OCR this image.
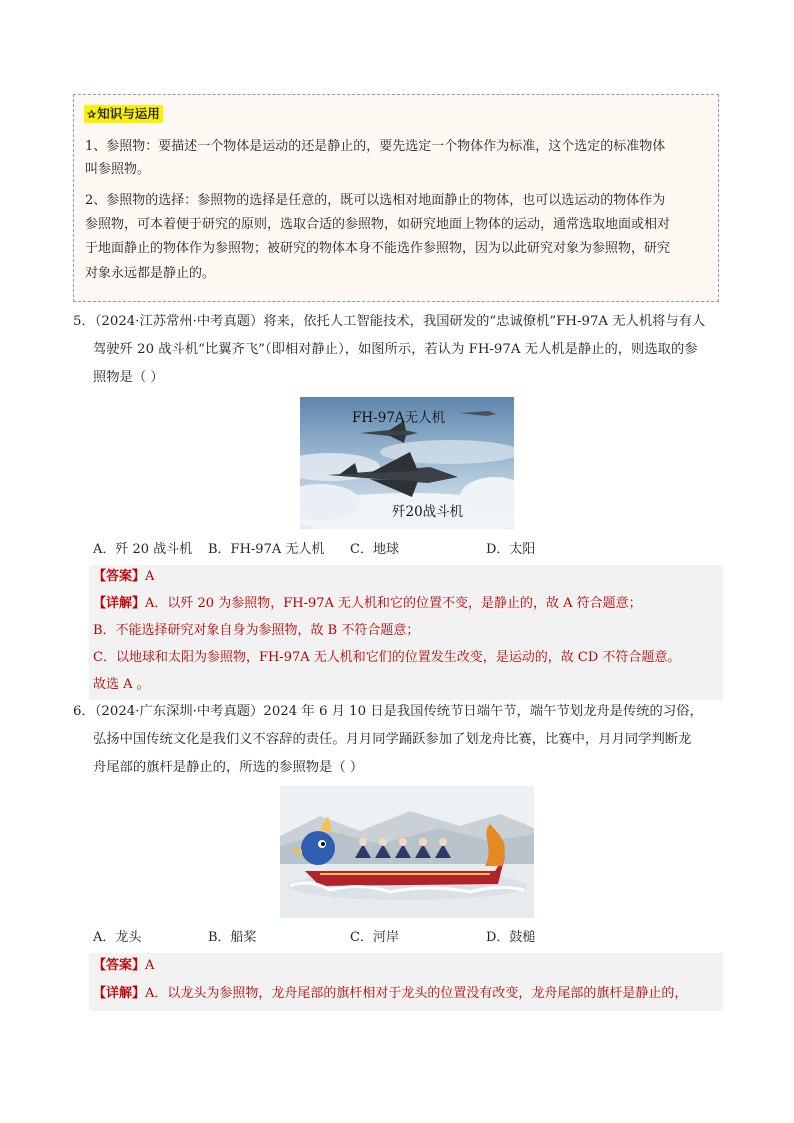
✰知识与运用
1、参照物：要描述一个物体是运动的还是静止的，要先选定一个物体作为标准，这个选定的标准物体
叫参照物。
2、参照物的选择：参照物的选择是任意的，既可以选相对地面静止的物体，也可以选运动的物体作为
参照物，可本着便于研究的原则，选取合适的参照物，如研究地面上物体的运动，通常选取地面或相对
于地面静止的物体作为参照物；被研究的物体本身不能选作参照物，因为以此研究对象为参照物，研究
对象永远都是静止的。
5．（2024·江苏常州·中考真题）将来，依托人工智能技术，我国研发的“忠诚僚机”FH-97A 无人机将与有人
驾驶歼 20 战斗机“比翼齐飞”（即相对静止），如图所示，若认为 FH-97A 无人机是静止的，则选取的参
照物是（ ）
FH-97A无人机
歼20战斗机
A．歼 20 战斗机 B．FH-97A 无人机 C．地球	D．太阳
【答案】A
【详解】A．以歼 20 为参照物，FH-97A 无人机和它的位置不变，是静止的，故 A 符合题意；
B．不能选择研究对象自身为参照物，故 B 不符合题意；
C．以地球和太阳为参照物，FH-97A 无人机和它们的位置发生改变，是运动的，故 CD 不符合题意。
故选 A 。
6．（2024·广东深圳·中考真题）2024 年 6 月 10 日是我国传统节日端午节，端午节划龙舟是传统的习俗，
弘扬中国传统文化是我们义不容辞的责任。月月同学踊跃参加了划龙舟比赛，比赛中，月月同学判断龙
舟尾部的旗杆是静止的，所选的参照物是（ ）
A．龙头	B．船桨	C．河岸	D．鼓槌
【答案】A
【详解】A．以龙头为参照物，龙舟尾部的旗杆相对于龙头的位置没有改变，龙舟尾部的旗杆是静止的，
